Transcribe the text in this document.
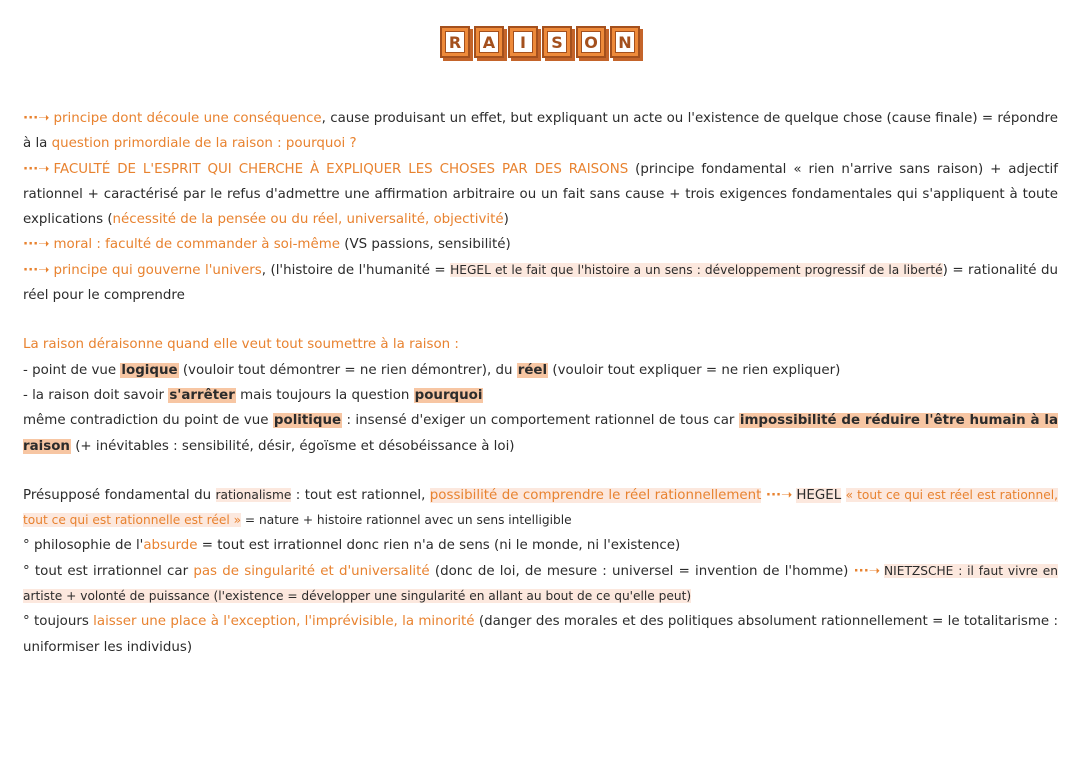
R A	I	S O N

···➝ principe dont découle une conséquence, cause produisant un effet, but expliquant un acte ou l'existence de quelque chose (cause finale) = répondre à la question primordiale de la raison : pourquoi ?

···➝ FACULTÉ DE L'ESPRIT QUI CHERCHE À EXPLIQUER LES CHOSES PAR DES RAISONS (principe fondamental « rien n'arrive sans raison) + adjectif rationnel + caractérisé par le refus d'admettre une affirmation arbitraire ou un fait sans cause + trois exigences fondamentales qui s'appliquent à toute explications (nécessité de la pensée ou du réel, universalité, objectivité)

···➝ moral : faculté de commander à soi-même (VS passions, sensibilité)

···➝ principe qui gouverne l'univers, (l'histoire de l'humanité = HEGEL et le fait que l'histoire a un sens : développement progressif de la liberté) = rationalité du réel pour le comprendre

La raison déraisonne quand elle veut tout soumettre à la raison :

- point de vue logique (vouloir tout démontrer = ne rien démontrer), du réel (vouloir tout expliquer = ne rien expliquer)

- la raison doit savoir s'arrêter mais toujours la question pourquoi

même contradiction du point de vue politique : insensé d'exiger un comportement rationnel de tous car impossibilité de réduire l'être humain à la raison (+ inévitables : sensibilité, désir, égoïsme et désobéissance à loi)

Présupposé fondamental du rationalisme : tout est rationnel, possibilité de comprendre le réel rationnellement ···➝ HEGEL « tout ce qui est réel est rationnel, tout ce qui est rationnelle est réel » = nature + histoire rationnel avec un sens intelligible

° philosophie de l'absurde = tout est irrationnel donc rien n'a de sens (ni le monde, ni l'existence)

° tout est irrationnel car pas de singularité et d'universalité (donc de loi, de mesure : universel = invention de l'homme) ···➝ NIETZSCHE : il faut vivre en artiste + volonté de puissance (l'existence = développer une singularité en allant au bout de ce qu'elle peut)

° toujours laisser une place à l'exception, l'imprévisible, la minorité (danger des morales et des politiques absolument rationnellement = le totalitarisme : uniformiser les individus)
